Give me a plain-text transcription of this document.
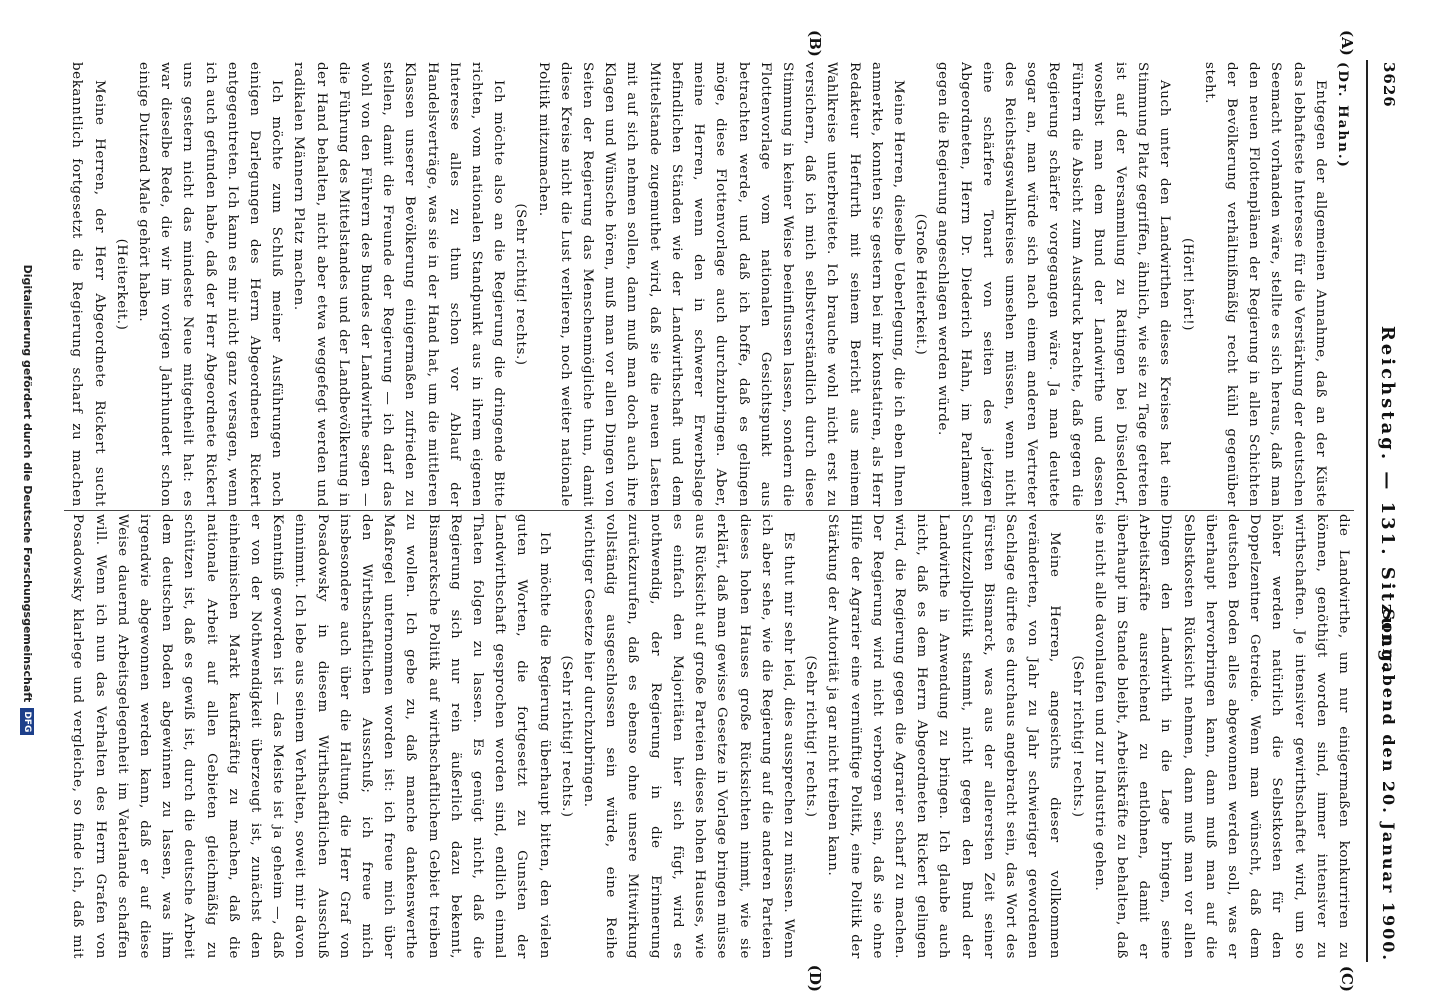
3626
Reichstag. — 131. Sitzung.
Sonnabend den 20. Januar 1900.
(A)
(B)
(C)
(D)

(Dr. Hahn.)

Entgegen der allgemeinen Annahme, daß an der Küste das lebhafteste Interesse für die Verstärkung der deutschen Seemacht vorhanden wäre, stellte es sich heraus, daß man den neuen Flottenplänen der Regierung in allen Schichten der Bevölkerung verhältnißmäßig recht kühl gegenüber steht.

(Hört! hört!)

Auch unter den Landwirthen dieses Kreises hat eine Stimmung Platz gegriffen, ähnlich, wie sie zu Tage getreten ist auf der Versammlung zu Ratingen bei Düsseldorf, woselbst man dem Bund der Landwirthe und dessen Führern die Absicht zum Ausdruck brachte, daß gegen die Regierung schärfer vorgegangen wäre. Ja man deutete sogar an, man würde sich nach einem anderen Vertreter des Reichstagswahlkreises umsehen müssen, wenn nicht eine schärfere Tonart von seiten des jetzigen Abgeordneten, Herrn Dr. Diederich Hahn, im Parlament gegen die Regierung angeschlagen werden würde.

(Große Heiterkeit.)

Meine Herren, dieselbe Ueberlegung, die ich eben Ihnen anmerkte, konnten Sie gestern bei mir konstatiren, als Herr Redakteur Herfurth mit seinem Bericht aus meinem Wahlkreise unterbreitete. Ich brauche wohl nicht erst zu versichern, daß ich mich selbstverständlich durch diese Stimmung in keiner Weise beeinflussen lassen, sondern die Flottenvorlage vom nationalen Gesichtspunkt aus betrachten werde, und daß ich hoffe, daß es gelingen möge, diese Flottenvorlage auch durchzubringen. Aber, meine Herren, wenn den in schwerer Erwerbslage befindlichen Ständen wie der Landwirthschaft und dem Mittelstande zugemuthet wird, daß sie die neuen Lasten mit auf sich nehmen sollen, dann muß man doch auch ihre Klagen und Wünsche hören, muß man vor allen Dingen von Seiten der Regierung das Menschenmögliche thun, damit diese Kreise nicht die Lust verlieren, noch weiter nationale Politik mitzumachen.

(Sehr richtig! rechts.)

Ich möchte also an die Regierung die dringende Bitte richten, vom nationalen Standpunkt aus in ihrem eigenen Interesse alles zu thun schon vor Ablauf der Handelsverträge, was sie in der Hand hat, um die mittleren Klassen unserer Bevölkerung einigermaßen zufrieden zu stellen, damit die Freunde der Regierung — ich darf das wohl von den Führern des Bundes der Landwirthe sagen — die Führung des Mittelstandes und der Landbevölkerung in der Hand behalten, nicht aber etwa weggefegt werden und radikalen Männern Platz machen.

Ich möchte zum Schluß meiner Ausführungen noch einigen Darlegungen des Herrn Abgeordneten Rickert entgegentreten. Ich kann es mir nicht ganz versagen, wenn ich auch gefunden habe, daß der Herr Abgeordnete Rickert uns gestern nicht das mindeste Neue mitgetheilt hat: es war dieselbe Rede, die wir im vorigen Jahrhundert schon einige Dutzend Male gehört haben.

(Heiterkeit.)

Meine Herren, der Herr Abgeordnete Rickert sucht bekanntlich fortgesetzt die Regierung scharf zu machen

die Landwirthe, um nur einigermaßen konkurriren zu können, genöthigt worden sind, immer intensiver zu wirthschaften. Je intensiver gewirthschaftet wird, um so höher werden natürlich die Selbstkosten für den Doppelzentner Getreide. Wenn man wünscht, daß dem deutschen Boden alles abgewonnen werden soll, was er überhaupt hervorbringen kann, dann muß man auf die Selbstkosten Rücksicht nehmen, dann muß man vor allen Dingen den Landwirth in die Lage bringen, seine Arbeitskräfte ausreichend zu entlohnen, damit er überhaupt im Stande bleibt, Arbeitskräfte zu behalten, daß sie nicht alle davonlaufen und zur Industrie gehen.

(Sehr richtig! rechts.)

Meine Herren, angesichts dieser vollkommen veränderten, von Jahr zu Jahr schwieriger gewordenen Sachlage dürfte es durchaus angebracht sein, das Wort des Fürsten Bismarck, was aus der allerersten Zeit seiner Schutzzollpolitik stammt, nicht gegen den Bund der Landwirthe in Anwendung zu bringen. Ich glaube auch nicht, daß es dem Herrn Abgeordneten Rickert gelingen wird, die Regierung gegen die Agrarier scharf zu machen. Der Regierung wird nicht verborgen sein, daß sie ohne Hilfe der Agrarier eine vernünftige Politik, eine Politik der Stärkung der Autorität ja gar nicht treiben kann.

(Sehr richtig! rechts.)

Es thut mir sehr leid, dies aussprechen zu müssen. Wenn ich aber sehe, wie die Regierung auf die anderen Parteien dieses hohen Hauses große Rücksichten nimmt, wie sie erklärt, daß man gewisse Gesetze in Vorlage bringen müsse aus Rücksicht auf große Parteien dieses hohen Hauses, wie es einfach den Majoritäten hier sich fügt, wird es nothwendig, der Regierung in die Erinnerung zurückzurufen, daß es ebenso ohne unsere Mitwirkung vollständig ausgeschlossen sein würde, eine Reihe wichtiger Gesetze hier durchzubringen.

(Sehr richtig! rechts.)

Ich möchte die Regierung überhaupt bitten, den vielen guten Worten, die fortgesetzt zu Gunsten der Landwirthschaft gesprochen worden sind, endlich einmal Thaten folgen zu lassen. Es genügt nicht, daß die Regierung sich nur rein äußerlich dazu bekennt, Bismarcksche Politik auf wirthschaftlichem Gebiet treiben zu wollen. Ich gebe zu, daß manche dankenswerthe Maßregel unternommen worden ist: ich freue mich über den Wirthschaftlichen Ausschuß; ich freue mich insbesondere auch über die Haltung, die Herr Graf von Posadowsky in diesem Wirthschaftlichen Ausschuß einnimmt. Ich lebe aus seinem Verhalten, soweit mir davon Kenntniß geworden ist — das Meiste ist ja geheim —, daß er von der Nothwendigkeit überzeugt ist, zunächst den einheimischen Markt kaufkräftig zu machen, daß die nationale Arbeit auf allen Gebieten gleichmäßig zu schützen ist, daß es gewiß ist, durch die deutsche Arbeit dem deutschen Boden abgewinnen zu lassen, was ihm irgendwie abgewonnen werden kann, daß er auf diese Weise dauernd Arbeitsgelegenheit im Vaterlande schaffen will. Wenn ich nun das Verhalten des Herrn Grafen von Posadowsky klarlege und vergleiche, so finde ich, daß mit

Digitalisierung gefördert durch die Deutsche ForschungsgemeinschaftDFG
